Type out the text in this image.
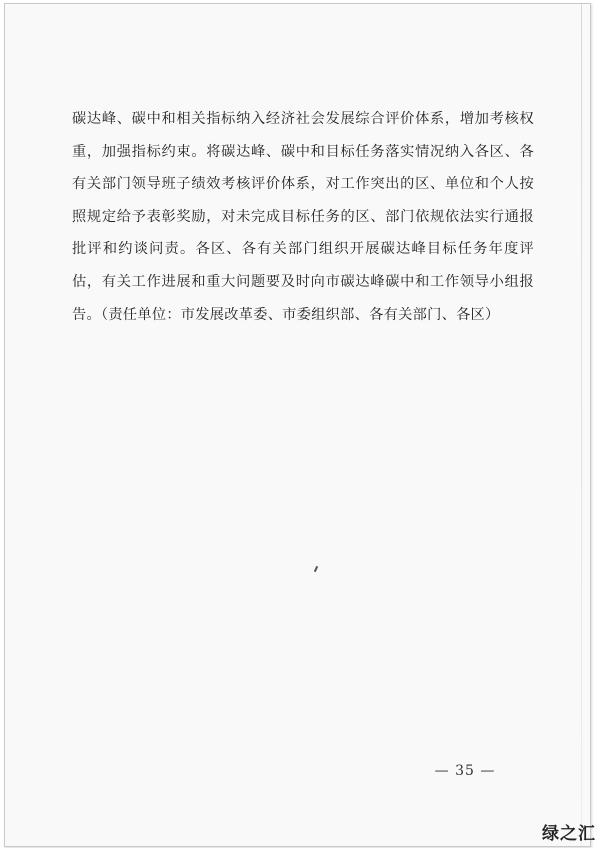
碳达峰、碳中和相关指标纳入经济社会发展综合评价体系，增加考核权重，加强指标约束。将碳达峰、碳中和目标任务落实情况纳入各区、各有关部门领导班子绩效考核评价体系，对工作突出的区、单位和个人按照规定给予表彰奖励，对未完成目标任务的区、部门依规依法实行通报批评和约谈问责。各区、各有关部门组织开展碳达峰目标任务年度评估，有关工作进展和重大问题要及时向市碳达峰碳中和工作领导小组报告。（责任单位：市发展改革委、市委组织部、各有关部门、各区）

— 35 —
绿之汇
